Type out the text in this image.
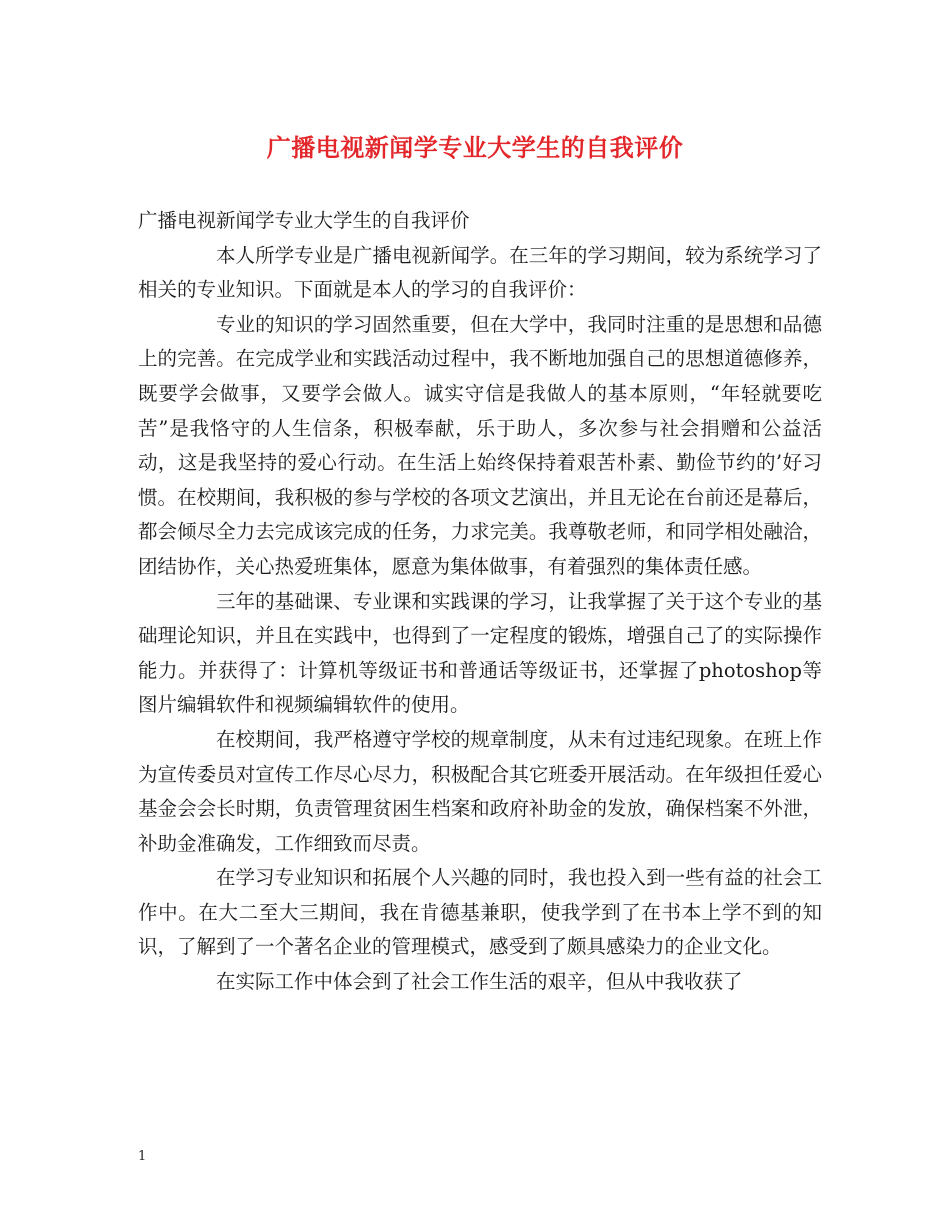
广播电视新闻学专业大学生的自我评价

广播电视新闻学专业大学生的自我评价

本人所学专业是广播电视新闻学。在三年的学习期间，较为系统学习了相关的专业知识。下面就是本人的学习的自我评价：

专业的知识的学习固然重要，但在大学中，我同时注重的是思想和品德上的完善。在完成学业和实践活动过程中，我不断地加强自己的思想道德修养，既要学会做事，又要学会做人。诚实守信是我做人的基本原则，“年轻就要吃苦”是我恪守的人生信条，积极奉献，乐于助人，多次参与社会捐赠和公益活动，这是我坚持的爱心行动。在生活上始终保持着艰苦朴素、勤俭节约的’好习惯。在校期间，我积极的参与学校的各项文艺演出，并且无论在台前还是幕后，都会倾尽全力去完成该完成的任务，力求完美。我尊敬老师，和同学相处融洽，团结协作，关心热爱班集体，愿意为集体做事，有着强烈的集体责任感。

三年的基础课、专业课和实践课的学习，让我掌握了关于这个专业的基础理论知识，并且在实践中，也得到了一定程度的锻炼，增强自己了的实际操作能力。并获得了：计算机等级证书和普通话等级证书，还掌握了photoshop等图片编辑软件和视频编辑软件的使用。

在校期间，我严格遵守学校的规章制度，从未有过违纪现象。在班上作为宣传委员对宣传工作尽心尽力，积极配合其它班委开展活动。在年级担任爱心基金会会长时期，负责管理贫困生档案和政府补助金的发放，确保档案不外泄，补助金准确发，工作细致而尽责。

在学习专业知识和拓展个人兴趣的同时，我也投入到一些有益的社会工作中。在大二至大三期间，我在肯德基兼职，使我学到了在书本上学不到的知识，了解到了一个著名企业的管理模式，感受到了颇具感染力的企业文化。

在实际工作中体会到了社会工作生活的艰辛，但从中我收获了

1
